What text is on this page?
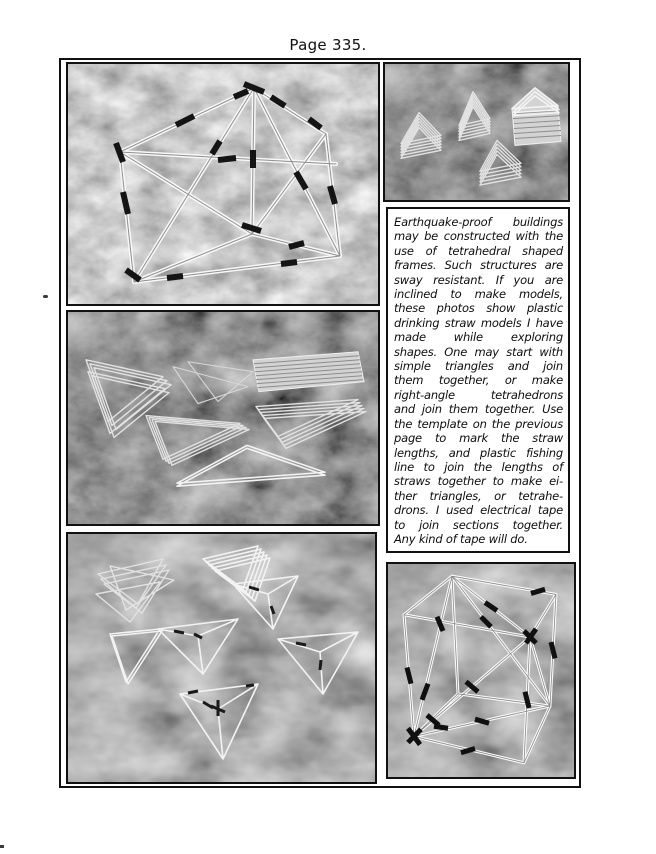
Page 335.
Earthquake-proof buildings
may be constructed with the
use of tetrahedral shaped
frames. Such structures are
sway resistant. If you are
inclined to make models,
these photos show plastic
drinking straw models I have
made while exploring
shapes. One may start with
simple triangles and join
them together, or make
right-angle tetrahedrons
and join them together. Use
the template on the previous
page to mark the straw
lengths, and plastic fishing
line to join the lengths of
straws together to make ei-
ther triangles, or tetrahe-
drons. I used electrical tape
to join sections together.
Any kind of tape will do.
